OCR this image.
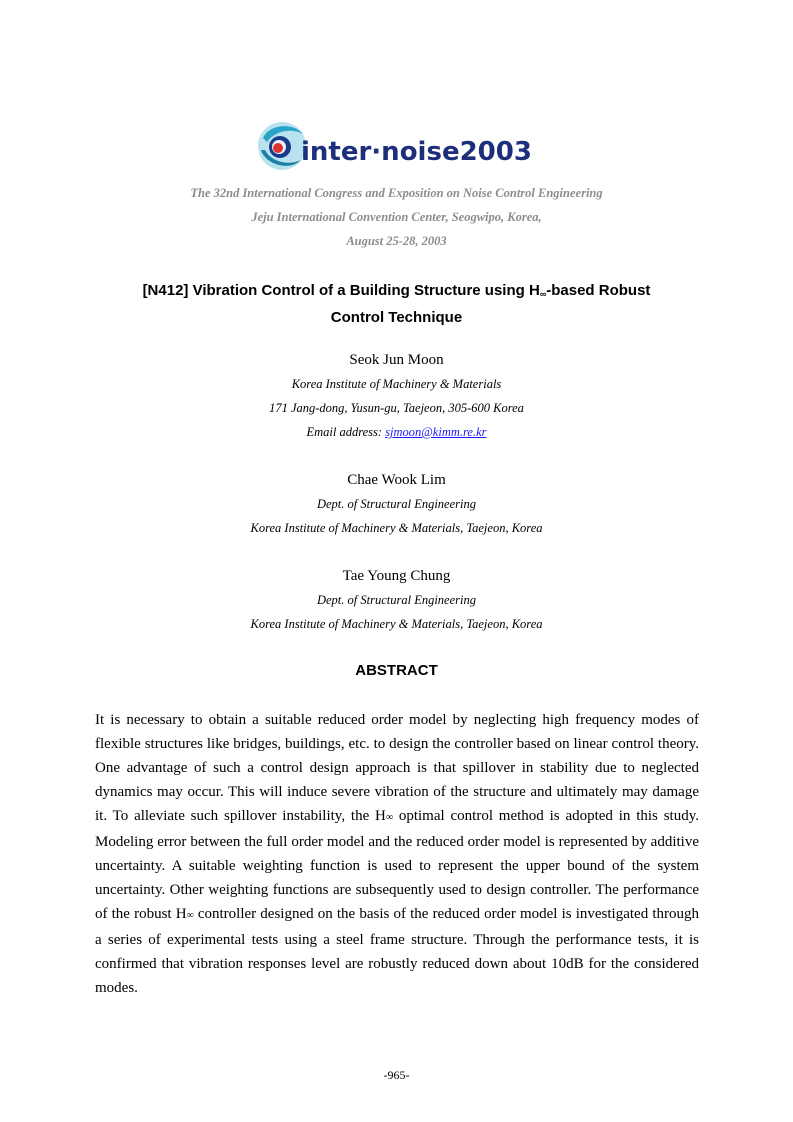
inter·noise2003
The 32nd International Congress and Exposition on Noise Control Engineering
Jeju International Convention Center, Seogwipo, Korea,
August 25-28, 2003
[N412] Vibration Control of a Building Structure using $H_\infty$-based Robust
Control Technique
Seok Jun Moon
Korea Institute of Machinery & Materials
171 Jang-dong, Yusun-gu, Taejeon, 305-600 Korea
Email address: sjmoon@kimm.re.kr
Chae Wook Lim
Dept. of Structural Engineering
Korea Institute of Machinery & Materials, Taejeon, Korea
Tae Young Chung
Dept. of Structural Engineering
Korea Institute of Machinery & Materials, Taejeon, Korea
ABSTRACT

It is necessary to obtain a suitable reduced order model by neglecting high frequency modes of flexible structures like bridges, buildings, etc. to design the controller based on linear control theory. One advantage of such a control design approach is that spillover in stability due to neglected dynamics may occur. This will induce severe vibration of the structure and ultimately may damage it. To alleviate such spillover instability, the H∞ optimal control method is adopted in this study. Modeling error between the full order model and the reduced order model is represented by additive uncertainty. A suitable weighting function is used to represent the upper bound of the system uncertainty. Other weighting functions are subsequently used to design controller. The performance of the robust H∞ controller designed on the basis of the reduced order model is investigated through a series of experimental tests using a steel frame structure. Through the performance tests, it is confirmed that vibration responses level are robustly reduced down about 10dB for the considered modes.

-965-
